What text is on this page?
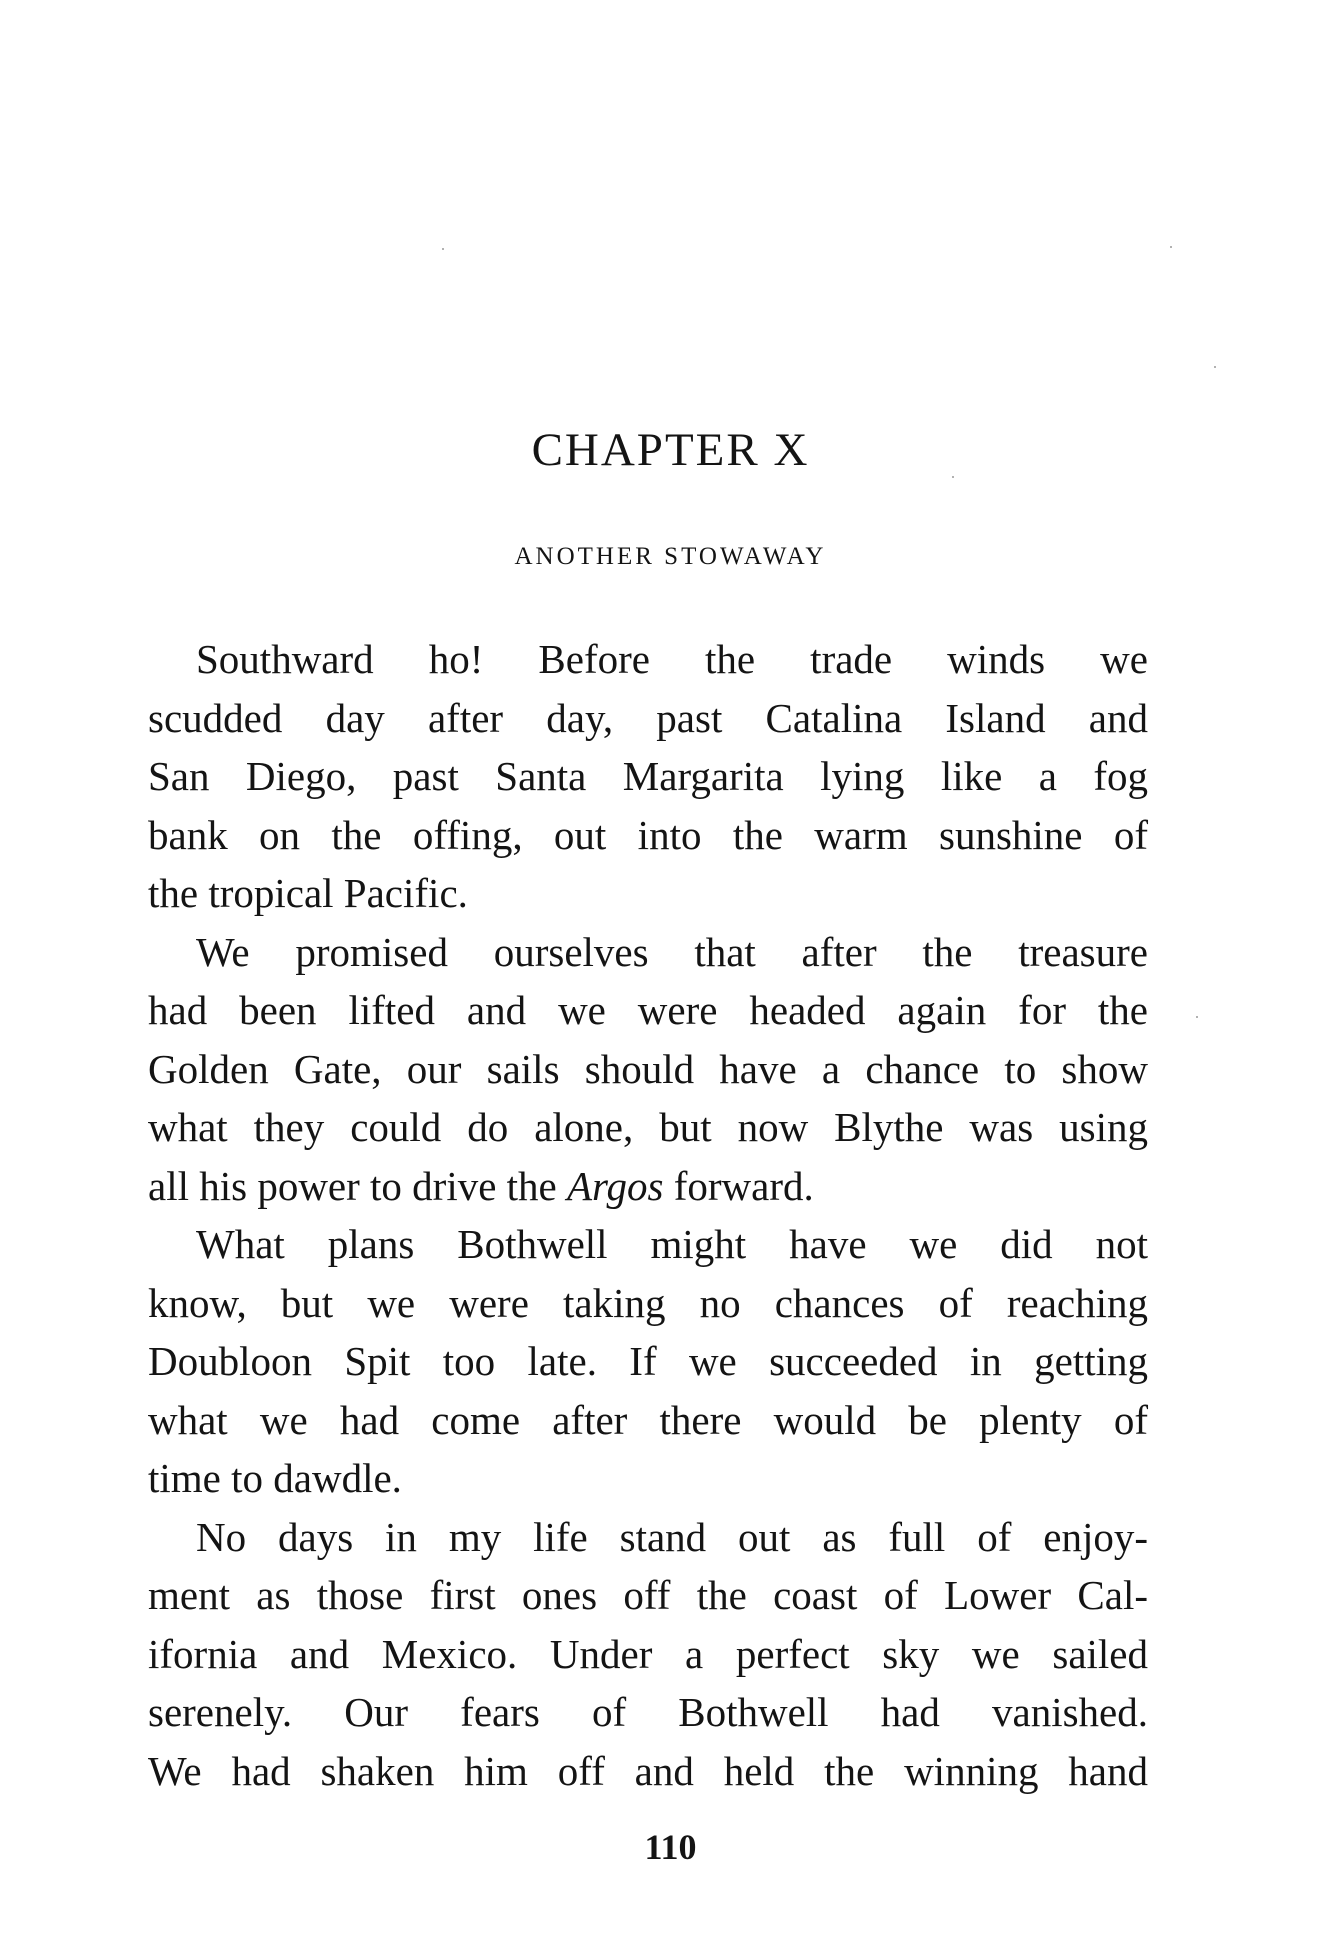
CHAPTER X
ANOTHER STOWAWAY
Southward ho! Before the trade winds we
scudded day after day, past Catalina Island and
San Diego, past Santa Margarita lying like a fog
bank on the offing, out into the warm sunshine of
the tropical Pacific.
We promised ourselves that after the treasure
had been lifted and we were headed again for the
Golden Gate, our sails should have a chance to show
what they could do alone, but now Blythe was using
all his power to drive the Argos forward.
What plans Bothwell might have we did not
know, but we were taking no chances of reaching
Doubloon Spit too late. If we succeeded in getting
what we had come after there would be plenty of
time to dawdle.
No days in my life stand out as full of enjoy-
ment as those first ones off the coast of Lower Cal-
ifornia and Mexico. Under a perfect sky we sailed
serenely. Our fears of Bothwell had vanished.
We had shaken him off and held the winning hand
110
